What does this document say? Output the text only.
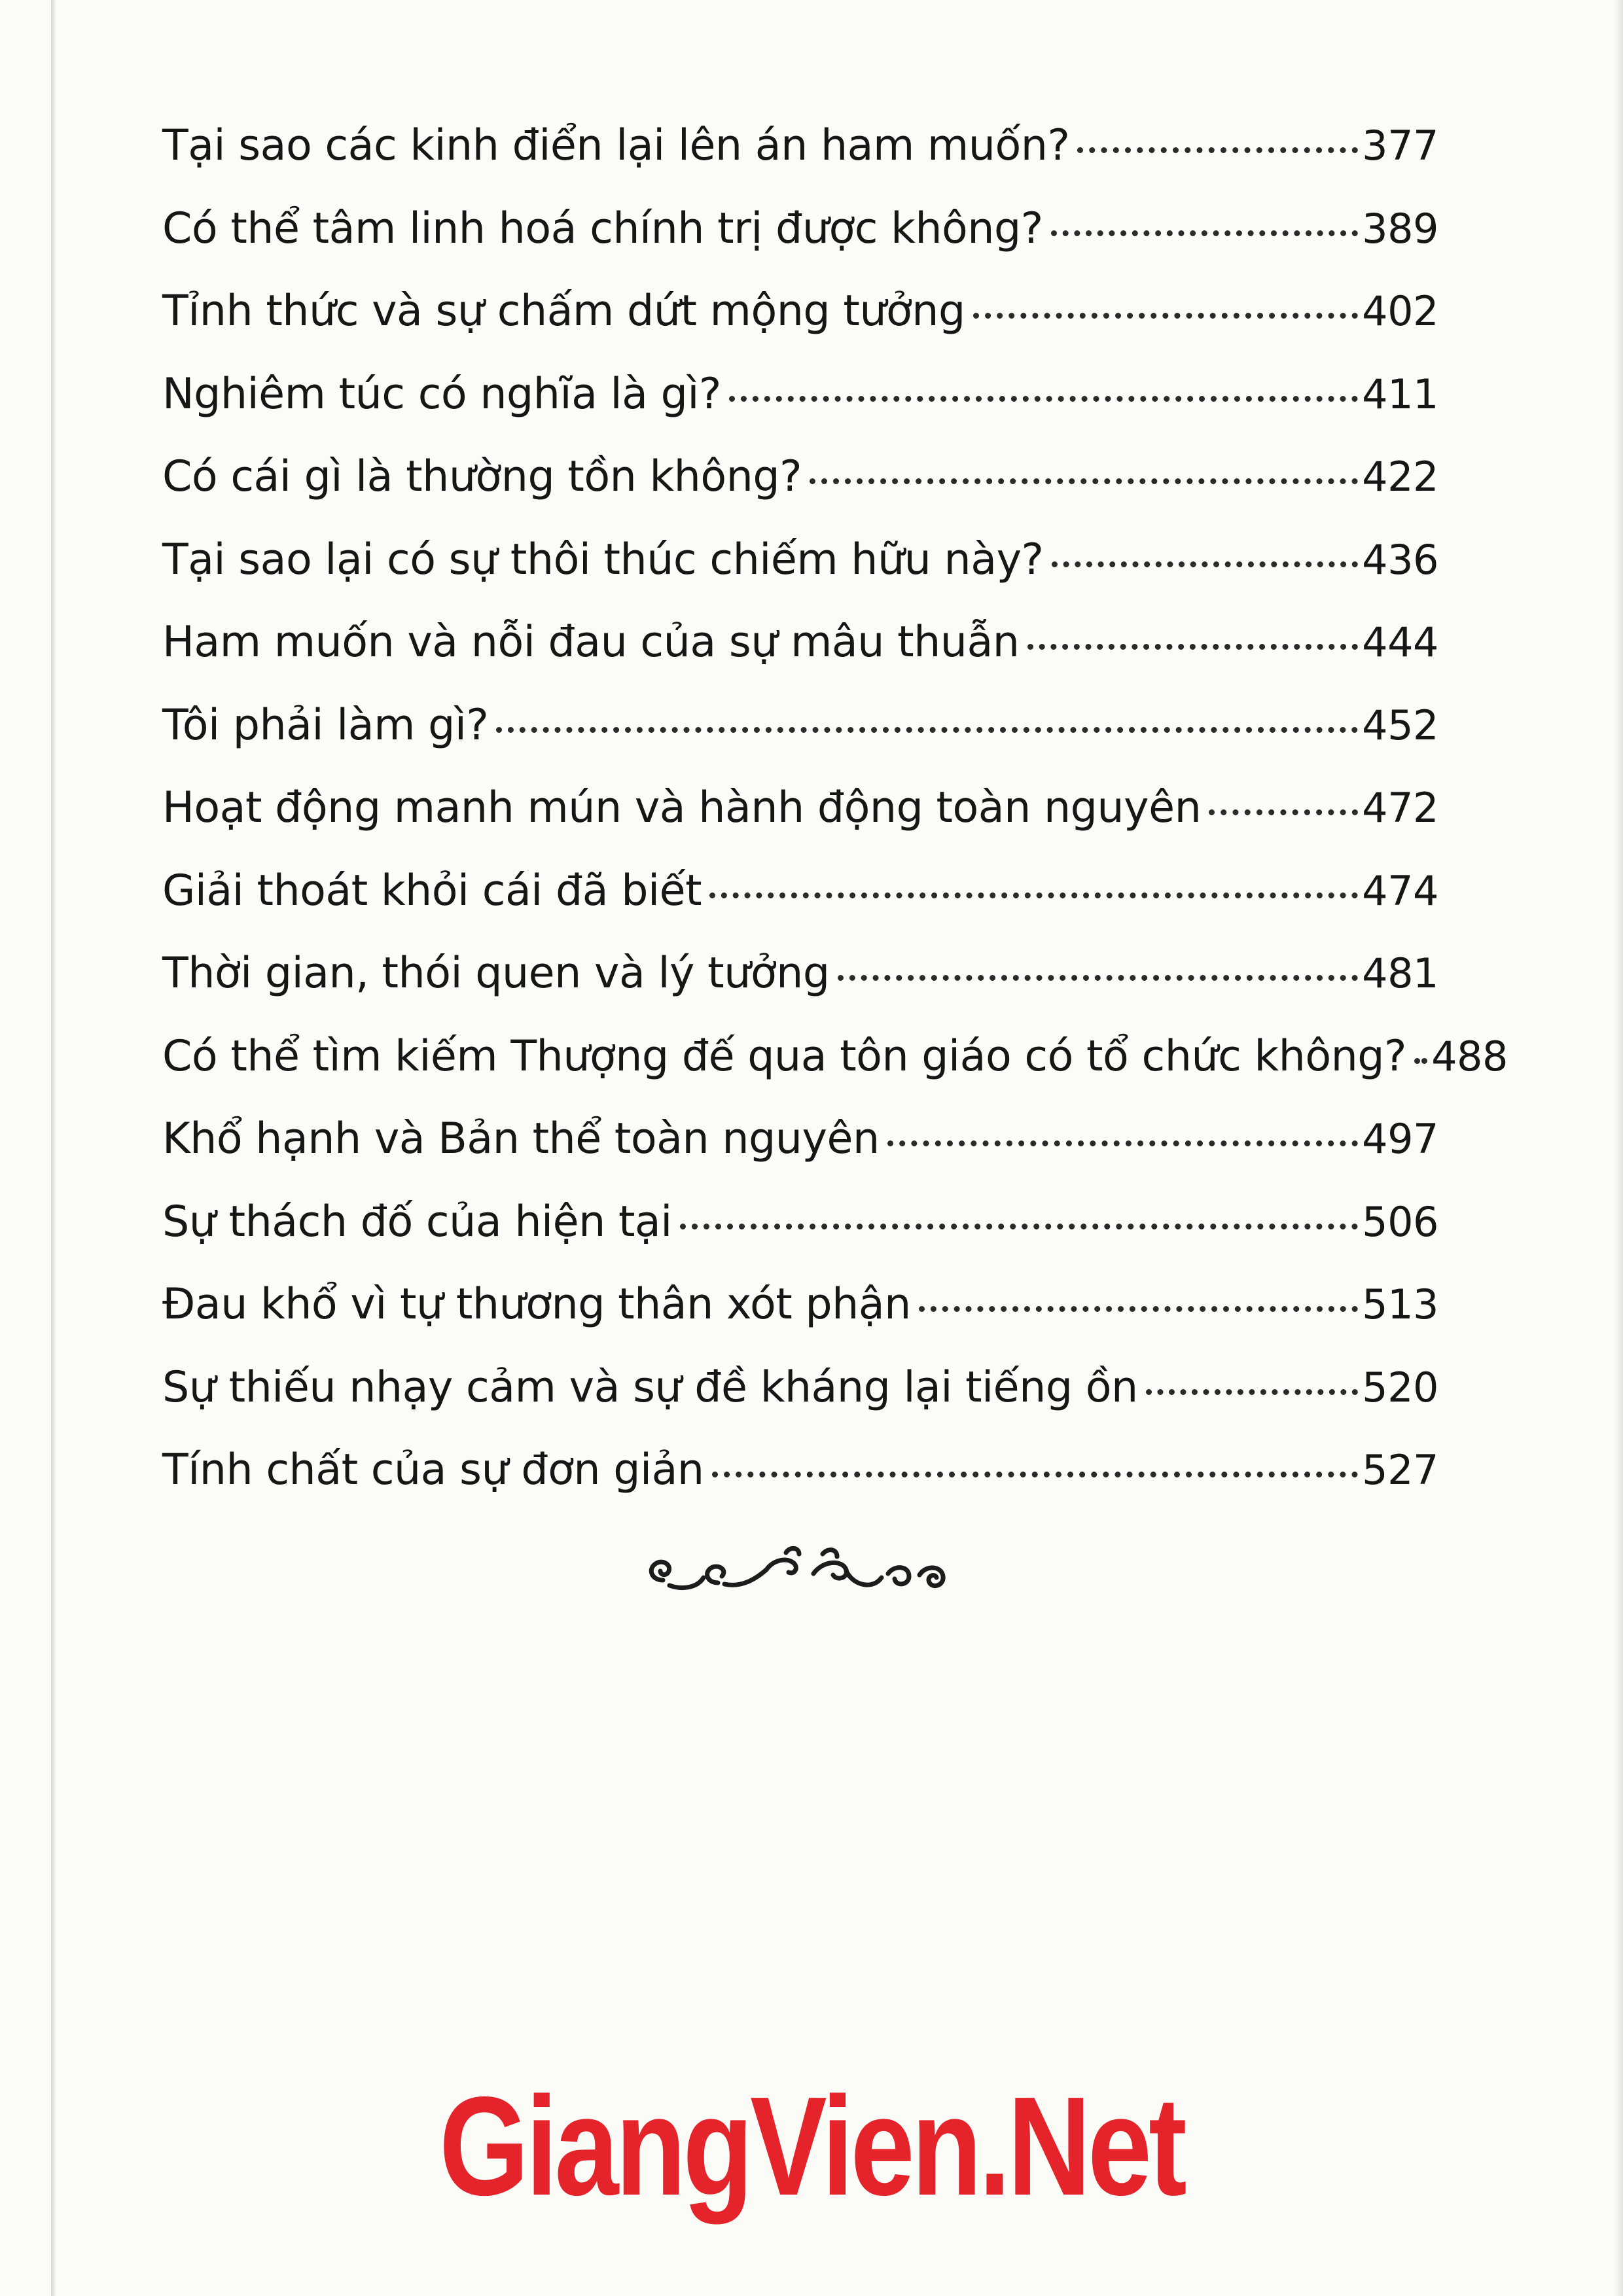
Tại sao các kinh điển lại lên án ham muốn?	377
Có thể tâm linh hoá chính trị được không?	389
Tỉnh thức và sự chấm dứt mộng tưởng	402
Nghiêm túc có nghĩa là gì?	411
Có cái gì là thường tồn không?	422
Tại sao lại có sự thôi thúc chiếm hữu này?	436
Ham muốn và nỗi đau của sự mâu thuẫn	444
Tôi phải làm gì?	452
Hoạt động manh mún và hành động toàn nguyên	472
Giải thoát khỏi cái đã biết	474
Thời gian, thói quen và lý tưởng	481
Có thể tìm kiếm Thượng đế qua tôn giáo có tổ chức không? 488
Khổ hạnh và Bản thể toàn nguyên	497
Sự thách đố của hiện tại	506
Đau khổ vì tự thương thân xót phận	513
Sự thiếu nhạy cảm và sự đề kháng lại tiếng ồn	520
Tính chất của sự đơn giản	527
GiangVien.Net
